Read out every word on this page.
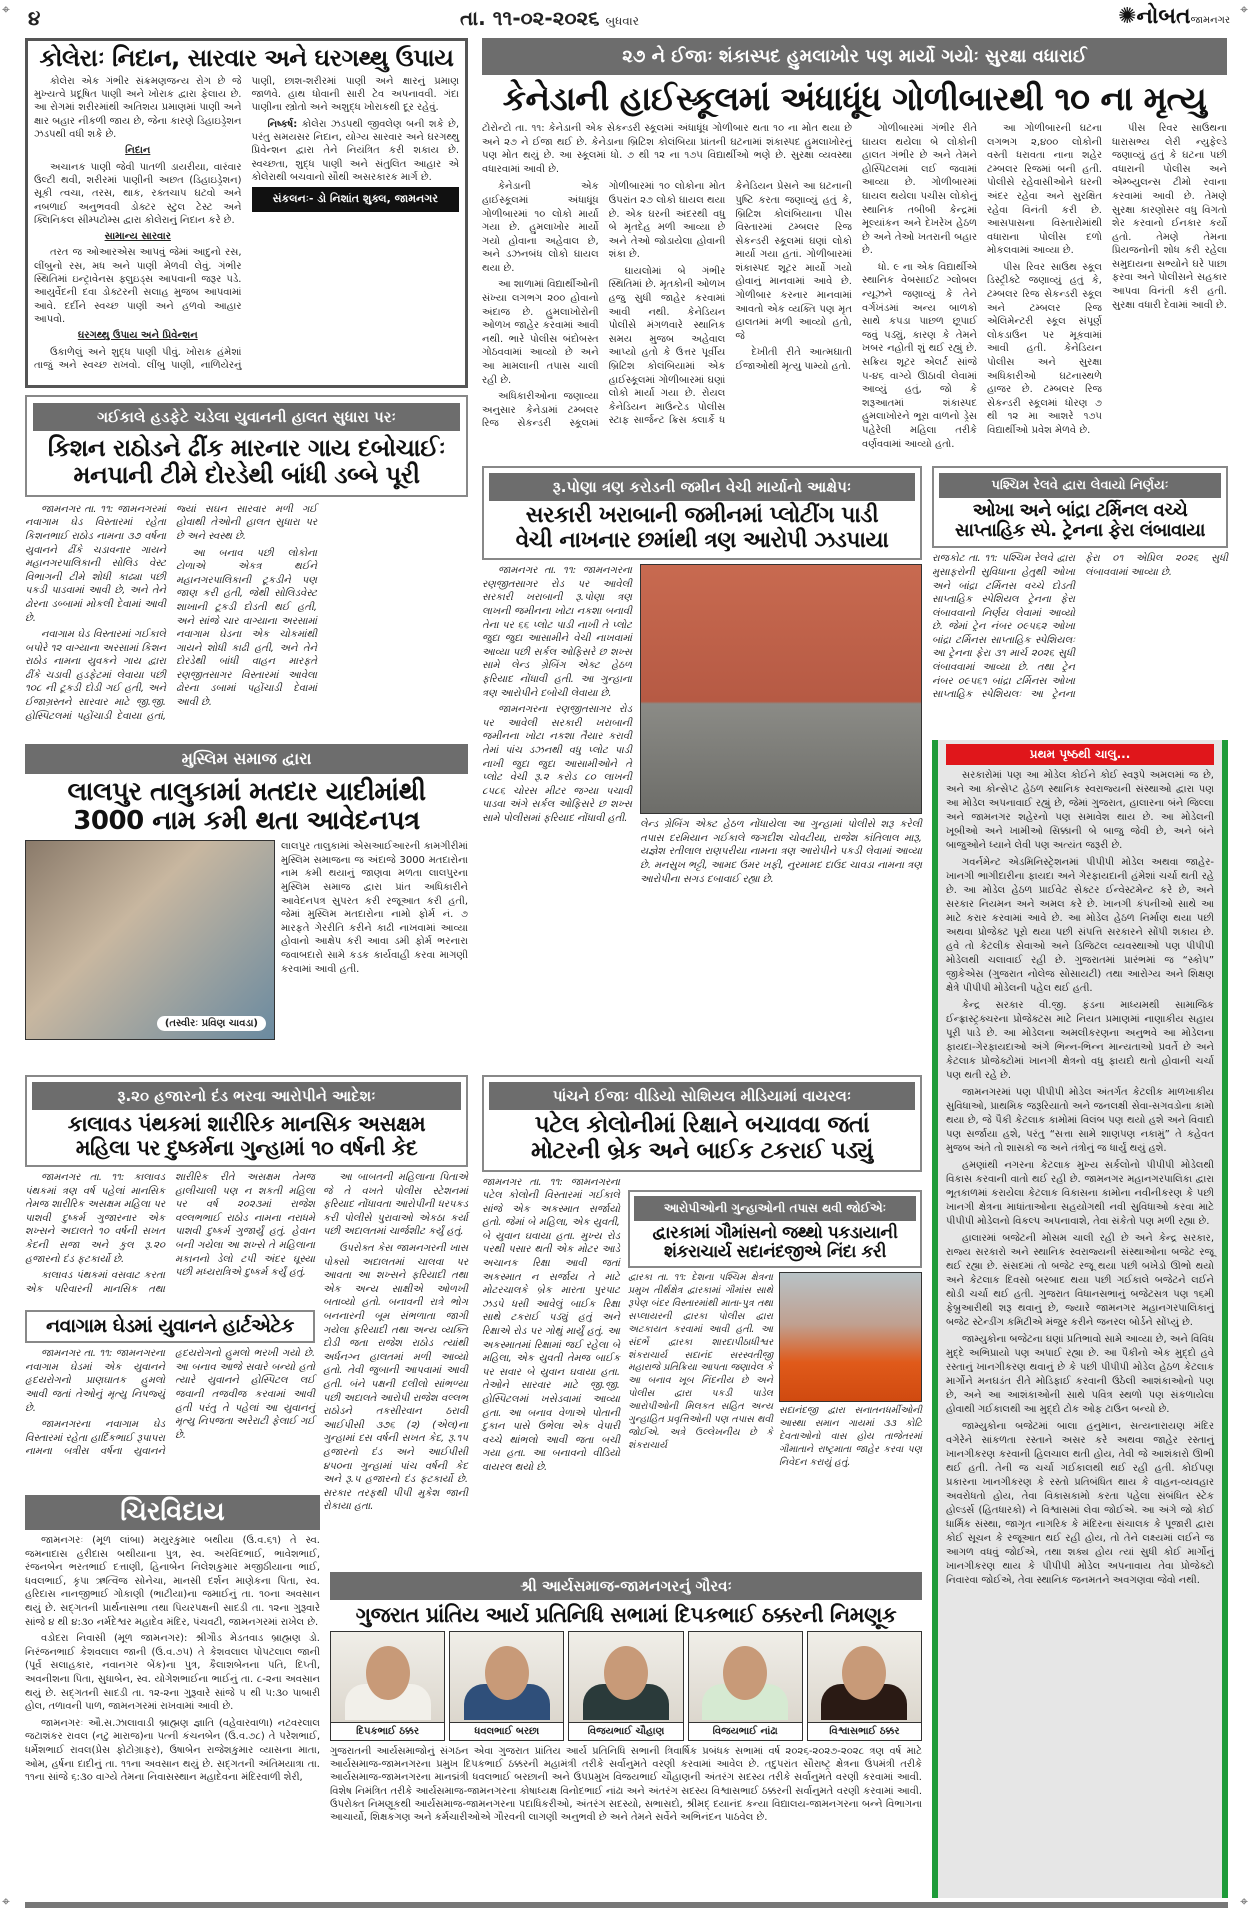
⌖	⌖
૪	તા. ૧૧-૦૨-૨૦૨૬ બુધવાર	✺નોબતજામનગર
કોલેરાઃ નિદાન, સારવાર અને ઘરગથ્થુ ઉપાય

કોલેરા એક ગંભીર સંક્રમણજન્ય રોગ છે જે મુખ્યત્વે પ્રદૂષિત પાણી અને ખોરાક દ્વારા ફેલાય છે. આ રોગમાં શરીરમાંથી અતિશય પ્રમાણમાં પાણી અને ક્ષાર બહાર નીકળી જાય છે, જેના કારણે ડિહાઇડ્રેશન ઝડપથી વધી શકે છે.

નિદાન

અચાનક પાણી જેવી પાતળી ડાયરીયા, વારંવાર ઉલ્ટી થવી, શરીરમાં પાણીની અછત (ડિહાઇડ્રેશન) સૂકી ત્વચા, તરસ, થાક, રક્તચાપ ઘટવો અને નબળાઈ અનુભવવી ડોક્ટર સ્ટુલ ટેસ્ટ અને ક્લિનિકલ સીમ્પટોમ્સ દ્વારા કોલેરાનું નિદાન કરે છે.

સામાન્ય સારવાર

તરત જ ઓઆરએસ આપવું જેમાં આદુનો રસ, લીંબુનો રસ, મધ અને પાણી મેળવી લેવું. ગંભીર સ્થિતિમાં ઇન્ટ્રાવેનસ ફ્લુઇડ્સ આપવાની જરૂર પડે. આયુર્વેદની દવા ડોક્ટરની સલાહ મુજબ આપવામાં આવે. દર્દીને સ્વચ્છ પાણી અને હળવો આહાર આપવો.

ઘરગથ્થુ ઉપાય અને પ્રિવેન્શન

ઉકાળેલું અને શુદ્ધ પાણી પીવું. ખોરાક હંમેશાં તાજું અને સ્વચ્છ રાખવો. લીંબુ પાણી, નાળિયેરનું પાણી, છાશ-શરીરમાં પાણી અને ક્ષારનું પ્રમાણ જાળવે. હાથ ધોવાની સારી ટેવ અપનાવવી. ગંદા પાણીના સ્ત્રોતો અને અશુદ્ધ ખોરાકથી દૂર રહેવું.

નિષ્કર્ષ: કોલેરા ઝડપથી જીવલેણ બની શકે છે, પરંતુ સમયસર નિદાન, યોગ્ય સારવાર અને ઘરગથ્થુ પ્રિવેન્શન દ્વારા તેને નિયંત્રિત કરી શકાય છે. સ્વચ્છતા, શુદ્ધ પાણી અને સંતુલિત આહાર એ કોલેરાથી બચવાનો સૌથી અસરકારક માર્ગ છે.

સંકલનઃ- ડો નિશાંત શુક્લ, જામનગર
૨૭ ને ઈજાઃ શંકાસ્પદ હુમલાખોર પણ માર્યો ગયોઃ સુરક્ષા વધારાઈ
કેનેડાની હાઈસ્કૂલમાં અંધાધૂંધ ગોળીબારથી ૧૦ ના મૃત્યુ
ટોરોન્ટો તા. ૧૧: કેનેડાની એક સેકન્ડરી સ્કૂલમાં અંધાધૂંધ ગોળીબાર થતા ૧૦ ના મોત થયા છે અને ૨૭ ને ઈજા થઈ છે. કેનેડાના બ્રિટિશ કોલંબિયા પ્રાંતની ઘટનામાં શંકાસ્પદ હુમલાખોરનું પણ મોત થયું છે. આ સ્કૂલમાં ધો. ૭ થી ૧૨ ના ૧૭૫ વિદ્યાર્થીઓ ભણે છે. સુરક્ષા વ્યવસ્થા વધારવામાં આવી છે.

કેનેડાની એક હાઈસ્કૂલમાં અંધાધૂંધ ગોળીબારમાં ૧૦ લોકો માર્યા ગયા છે. હુમલાખોર માર્યો ગયો હોવાના અહેવાલ છે, અને ડઝનબંધ લોકો ઘાયલ થયા છે.

આ શાળામાં વિદ્યાર્થીઓની સંખ્યા લગભગ ૨૦૦ હોવાનો અંદાજ છે. હુમલાખોરોની ઓળખ જાહેર કરવામાં આવી નથી. ભારે પોલીસ બંદોબસ્ત ગોઠવવામાં આવ્યો છે અને આ મામલાની તપાસ ચાલી રહી છે.

અધિકારીઓના જણાવ્યા અનુસાર કેનેડામાં ટમ્બલર રિજ સેકન્ડરી સ્કૂલમાં ગોળીબારમાં ૧૦ લોકોના મોત ઉપરાંત ૨૭ લોકો ઘાયલ થયા છે. એક ઘરની અંદરથી વધુ બે મૃતદેહ મળી આવ્યા છે અને તેઓ જોડાયેલા હોવાની શંકા છે.

ઘાયલોમાં બે ગંભીર સ્થિતિમાં છે. મૃતકોની ઓળખ હજુ સુધી જાહેર કરવામાં આવી નથી. કેનેડિયન પોલીસે મંગળવારે સ્થાનિક સમય મુજબ અહેવાલ આપ્યો હતો કે ઉત્તર પૂર્વીય બ્રિટિશ કોલંબિયામાં એક હાઈસ્કૂલમાં ગોળીબારમાં ઘણાં લોકો માર્યા ગયા છે. રોયલ કેનેડિયન માઉન્ટેડ પોલીસ સ્ટાફ સાર્જન્ટ ક્રિસ ક્લાર્કે ધ કેનેડિયન પ્રેસને આ ઘટનાની પુષ્ટિ કરતા જણાવ્યું હતું કે, બ્રિટિશ કોલંબિયાના પીસ વિસ્તારમાં ટમ્બલર રિજ સેકન્ડરી સ્કૂલમાં ઘણાં લોકો માર્યા ગયા હતાં. ગોળીબારમાં શંકાસ્પદ શૂટર માર્યો ગયો હોવાનું માનવામાં આવે છે. ગોળીબાર કરનાર માનવામાં આવતો એક વ્યક્તિ પણ મૃત હાલતમાં મળી આવ્યો હતો, જે

દેખીતી રીતે આત્મઘાતી ઈજાઓથી મૃત્યુ પામ્યો હતો.

ગોળીબારમાં ગંભીર રીતે ઘાયલ થયેલા બે લોકોની હાલત ગંભીર છે અને તેમને હોસ્પિટલમાં લઈ જવામાં આવ્યા છે. ગોળીબારમાં ઘાયલ થયેલા પચીસ લોકોનું સ્થાનિક તબીબી કેન્દ્રમાં મૂલ્યાંકન અને દેખરેખ હેઠળ છે અને તેઓ ખતરાની બહાર છે.

ધો. ૯ ના એક વિદ્યાર્થીએ સ્થાનિક વેબસાઈટ ગ્લોબલ ન્યૂઝને જણાવ્યું કે તેને વર્ગખંડમાં અન્ય બાળકો સાથે કપડા પાછળ છૂપાઈ જવું પડ્યું, કારણ કે તેમને ખબર નહોતી શું થઈ રહ્યું છે. સક્રિય શૂટર એલર્ટ સાંજે ૫-૪૬ વાગ્યે ઊઠાવી લેવામાં આવ્યું હતું, જો કે શરૂઆતમાં શંકાસ્પદ હુમલાખોરને ભૂરા વાળનો ડ્રેસ પહેરેલી મહિલા તરીકે વર્ણવવામાં આવ્યો હતો.

આ ગોળીબારની ઘટના લગભગ ૨,૪૦૦ લોકોની વસ્તી ધરાવતા નાના શહેર ટમ્બલર રિજમાં બની હતી. પોલીસે રહેવાસીઓને ઘરની અંદર રહેવા અને સુરક્ષિત રહેવા વિનંતી કરી છે. આસપાસના વિસ્તારોમાંથી વધારાના પોલીસ દળો મોકલવામાં આવ્યા છે.

પીસ રિવર સાઉથ સ્કૂલ ડિસ્ટ્રીક્ટે જણાવ્યું હતું કે, ટમ્બલર રિજ સેકન્ડરી સ્કૂલ અને ટમ્બલર રિજ એલિમેન્ટરી સ્કૂલ સંપૂર્ણ લોકડાઉન પર મૂકવામાં આવી હતી. કેનેડિયન પોલીસ અને સુરક્ષા અધિકારીઓ ઘટનાસ્થળે હાજર છે. ટમ્બલર રિજ સેકન્ડરી સ્કૂલમાં ધોરણ ૭ થી ૧૨ મા આશરે ૧૭૫ વિદ્યાર્થીઓ પ્રવેશ મેળવે છે.

પીસ રિવર સાઉથના ધારાસભ્ય લેરી ન્યુફેલ્ડે જણાવ્યું હતું કે ઘટના પછી વધારાની પોલીસ અને એમ્બ્યુલન્સ ટીમો રવાના કરવામાં આવી છે. તેમણે સુરક્ષા કારણોસર વધુ વિગતો શેર કરવાનો ઈનકાર કર્યો હતો. તેમણે તેમના પ્રિયજનોની શોધ કરી રહેલા સમુદાયના સભ્યોને ઘરે પાછા ફરવા અને પોલીસને સહકાર આપવા વિનંતી કરી હતી. સુરક્ષા વધારી દેવામાં આવી છે.

ગઈકાલે હડફેટે ચડેલા યુવાનની હાલત સુધારા પરઃ
કિશન રાઠોડને ઢીંક મારનાર ગાય દબોચાઈઃ
મનપાની ટીમે દોરડેથી બાંધી ડબ્બે પૂરી

જામનગર તા. ૧૧: જામનગરમાં નવાગામ ઘેડ વિસ્તારમાં રહેતા કિશનભાઈ રાઠોડ નામના ૩૭ વર્ષના યુવાનને ઢીંકે ચડાવનાર ગાયને મહાનગરપાલિકાની સોલિડ વેસ્ટ વિભાગની ટીમે શોધી કાઢ્યા પછી પકડી પાડવામાં આવી છે, અને તેને ઢોરના ડબ્બામાં મોકલી દેવામાં આવી છે.

નવાગામ ઘેડ વિસ્તારમાં ગઈકાલે બપોરે ૧૨ વાગ્યાના અરસામાં કિશન રાઠોડ નામના યુવકને ગાય દ્વારા ઢીંકે ચડાવી હડફેટમાં લેવાયા પછી ૧૦૮ ની ટૂકડી દોડી ગઈ હતી, અને ઈજાગ્રસ્તને સારવાર માટે જી.જી. હોસ્પિટલમાં પહોંચાડી દેવાયા હતાં, જ્યાં સઘન સારવાર મળી ગઈ હોવાથી તેઓની હાલત સુધારા પર છે અને સ્વસ્થ છે.

આ બનાવ પછી લોકોના ટોળાએ એકત્ર થઈને મહાનગરપાલિકાની ટૂકડીને પણ જાણ કરી હતી, જેથી સોલિડવેસ્ટ શાખાની ટૂકડી દોડતી થઈ હતી, અને સાંજે ચાર વાગ્યાના અરસામાં નવાગામ ઘેડના એક ચોકમાંથી ગાયને શોધી કાઢી હતી, અને તેને દોરડેથી બાંધી વાહન મારફતે રણજીતસાગર વિસ્તારમાં આવેલા ઢોરના ડબામાં પહોંચાડી દેવામાં આવી છે.

મુસ્લિમ સમાજ દ્વારા
લાલપુર તાલુકામાં મતદાર યાદીમાંથી
3000 નામ કમી થતા આવેદનપત્ર
(તસ્વીરઃ પ્રવિણ ચાવડા)
લાલપુર તાલુકામાં એસઆઈઆરની કામગીરીમાં મુસ્લિમ સમાજના જ અંદાજે 3000 મતદારોના નામ કમી થયાનું જાણવા મળતા લાલપુરના મુસ્લિમ સમાજ દ્વારા પ્રાંત અધિકારીને આવેદનપત્ર સુપરત કરી રજૂઆત કરી હતી, જેમાં મુસ્લિમ મતદારોના નામો ફોર્મ નં. ૭ મારફતે ગેરરીતિ કરીને કાઢી નાખવામાં આવ્યા હોવાનો આક્ષેપ કરી આવા ડમી ફોર્મ ભરનારા જવાબદારો સામે કડક કાર્યવાહી કરવા માગણી કરવામાં આવી હતી.
પશ્ચિમ રેલવે દ્વારા લેવાયો નિર્ણયઃ
ઓખા અને બાંદ્રા ટર્મિનલ વચ્ચે
સાપ્તાહિક સ્પે. ટ્રેનના ફેરા લંબાવાયા
રાજકોટ તા. ૧૧: પશ્ચિમ રેલવે દ્વારા મુસાફરોની સુવિધાના હેતુથી ઓખા અને બાંદ્રા ટર્મિનસ વચ્ચે દોડતી સાપ્તાહિક સ્પેશિયલ ટ્રેનના ફેરા લંબાવવાનો નિર્ણય લેવામાં આવ્યો છે. જેમાં ટ્રેન નંબર ૦૯૫૬૨ ઓખા બાંદ્રા ટર્મિનસ સાપ્તાહિક સ્પેશિયલઃ આ ટ્રેનના ફેરા ૩૧ માર્ચ ૨૦૨૬ સુધી લંબાવવામાં આવ્યા છે. તથા ટ્રેન નંબર ૦૯૫૬૧ બાંદ્રા ટર્મિનસ ઓખા સાપ્તાહિક સ્પેશિયલઃ આ ટ્રેનના ફેરા ૦૧ એપ્રિલ ૨૦૨૬ સુધી લંબાવવામાં આવ્યા છે.
રૂ.પોણા ત્રણ કરોડની જમીન વેચી માર્યાનો આક્ષેપઃ
સરકારી ખરાબાની જમીનમાં પ્લોટીંગ પાડી
વેચી નાખનાર છમાંથી ત્રણ આરોપી ઝડપાયા

જામનગર તા. ૧૧: જામનગરના રણજીતસાગર રોડ પર આવેલી સરકારી ખરાબાની રૂ.પોણા ત્રણ લાખની જમીનના ખોટા નકશા બનાવી તેના પર ૬૬ પ્લોટ પાડી નાખી તે પ્લોટ જુદા જુદા આસામીને વેચી નાખવામાં આવ્યા પછી સર્કલ ઓફિસરે છ શખ્સ સામે લેન્ડ ગ્રેબિંગ એક્ટ હેઠળ ફરિયાદ નોંધાવી હતી. આ ગુન્હાના ત્રણ આરોપીને દબોચી લેવાયા છે.

જામનગરના રણજીતસાગર રોડ પર આવેલી સરકારી ખરાબાની જમીનના ખોટા નકશા તૈયાર કરાવી તેમાં પાંચ ડઝનથી વધુ પ્લોટ પાડી નાખી જુદા જુદા આસામીઓને તે પ્લોટ વેચી રૂ.૨ કરોડ ૮૦ લાખની ૮૫૮૬ ચોરસ મીટર જગ્યા પચાવી પાડવા અંગે સર્કલ ઓફિસરે છ શખ્સ સામે પોલીસમાં ફરિયાદ નોંધાવી હતી.

લેન્ડ ગ્રેબિંગ એક્ટ હેઠળ નોંધાયેલા આ ગુન્હામાં પોલીસે શરૂ કરેલી તપાસ દરમિયાન ગઈકાલે જગદીશ ચોવટીયા, રાજેશ કાંતિલાલ મારૂ, યજ્ઞેશ રતીલાલ રાણપરીયા નામના ત્રણ આરોપીને પકડી લેવામાં આવ્યા છે. મનસુખ ભટ્ટી, આમદ ઉમર ખફી, નુરમામદ દાઉદ ચાવડા નામના ત્રણ આરોપીના સગડ દબાવાઈ રહ્યા છે.
પ્રથમ પૃષ્ઠથી ચાલુ...

સરકારોમાં પણ આ મોડેલ કોઈને કોઈ સ્વરૂપે અમલમાં જ છે, અને આ કોન્સેપ્ટ હેઠળ સ્થાનિક સ્વરાજ્યની સંસ્થાઓ દ્વારા પણ આ મોડેલ અપનાવાઈ રહ્યું છે, જેમાં ગુજરાત, હાલારના બંને જિલ્લા અને જામનગર શહેરનો પણ સમાવેશ થાય છે. આ મોડેલની ખૂબીઓ અને ખામીઓ સિક્કાની બે બાજુ જેવી છે, અને બંને બાજુઓને ધ્યાને લેવી પણ અત્યંત જરૂરી છે.

ગવર્નમેન્ટ એડમિનિસ્ટ્રેશનમાં પીપીપી મોડેલ અથવા જાહેર-ખાનગી ભાગીદારીના ફાયદા અને ગેરફાયદાની હંમેશાં ચર્ચા થતી રહે છે. આ મોડેલ હેઠળ પ્રાઈવેટ સેક્ટર ઈન્વેસ્ટમેન્ટ કરે છે, અને સરકાર નિયમન અને અમલ કરે છે. ખાનગી કંપનીઓ સાથે આ માટે કરાર કરવામાં આવે છે. આ મોડેલ હેઠળ નિર્માણ થયા પછી અથવા પ્રોજેક્ટ પૂરો થયા પછી સંપત્તિ સરકારને સોંપી શકાય છે. હવે તો કેટલીક સેવાઓ અને ડિજિટલ વ્યવસ્થાઓ પણ પીપીપી મોડેલથી ચલાવાઈ રહી છે. ગુજરાતમાં પ્રારંભમાં જ “સ્કોપ” જીકેએસ (ગુજરાત નોલેજ સોસાયટી) તથા આરોગ્ય અને શિક્ષણ ક્ષેત્રે પીપીપી મોડેલની પહેલ થઈ હતી.

કેન્દ્ર સરકાર વી.જી. ફંડના માધ્યમથી સામાજિક ઈન્ફ્રાસ્ટ્રક્ચરના પ્રોજેક્ટસ માટે નિયત પ્રમાણમાં નાણાકીય સહાય પૂરી પાડે છે. આ મોડેલના અમલીકરણના અનુભવે આ મોડેલના ફાયદા-ગેરફાયદાઓ અંગે ભિન્ન-ભિન્ન માન્યતાઓ પ્રવર્તે છે અને કેટલાક પ્રોજેક્ટોમાં ખાનગી ક્ષેત્રનો વધુ ફાયદો થતો હોવાની ચર્ચા પણ થતી રહે છે.

જામનગરમાં પણ પીપીપી મોડેલ અંતર્ગત કેટલીક માળખાકીય સુવિધાઓ, પ્રાથમિક જરૂરિયાતો અને જનલક્ષી સેવા-સગવડોના કામો થયા છે, જે પૈકી કેટલાક કામોમાં વિલંબ પણ થયો હશે અને વિવાદો પણ સર્જાયા હશે, પરંતુ “સત્તા સામે શાણપણ નકામું” તે કહેવત મુજબ અંતે તો શાસકો જ અને તંત્રોનું જ ધાર્યું થયું હશે.

હમણાંથી નગરના કેટલાક મુખ્ય સર્કલોનો પીપીપી મોડેલથી વિકાસ કરવાની વાતો થઈ રહી છે. જામનગર મહાનગરપાલિકા દ્વારા ભૂતકાળમાં કરાયેલા કેટલાક વિકાસના કામોના નવીનીકરણ કે પછી ખાનગી ક્ષેત્રના માધાંતાઓના સહયોગથી નવી સુવિધાઓ કરવા માટે પીપીપી મોડેલનો વિકલ્પ અપનાવાશે, તેવા સંકેતો પણ મળી રહ્યા છે.

હાલારમાં બજેટની મોસમ ચાલી રહી છે અને કેન્દ્ર સરકાર, રાજ્ય સરકારો અને સ્થાનિક સ્વરાજ્યની સંસ્થાઓના બજેટ રજૂ થઈ રહ્યા છે. સંસદમાં તો બજેટ રજૂ થયા પછી બખેડો ઊભો થયો અને કેટલાક દિવસો બરબાદ થયા પછી ગઈકાલે બજેટને લઈને થોડી ચર્ચા થઈ હતી. ગુજરાત વિધાનસભાનું બજેટસત્ર પણ ૧૬મી ફેબ્રુઆરીથી શરૂ થવાનું છે, જ્યારે જામનગર મહાનગરપાલિકાનું બજેટ સ્ટેન્ડીંગ કમિટીએ મંજુર કરીને જનરલ બોર્ડને સોંપ્યું છે.

જામ્યુકોના બજેટના ઘણાં પ્રતિભાવો સામે આવ્યા છે, અને વિવિધ મુદ્દે અભિપ્રાયો પણ અપાઈ રહ્યા છે. આ પૈકીનો એક મુદ્દો હવે રસ્તાનું ખાનગીકરણ થવાનું છે કે પછી પીપીપી મોડેલ હેઠળ કેટલાક માર્ગોને મનઘડંત રીતે મોડિફાઈ કરવાની ઉઠેલી આશંકાઓનો પણ છે, અને આ આશંકાઓની સાથે પવિત્ર સ્થળો પણ સંકળાયેલા હોવાથી ગઈકાલથી આ મુદ્દો ટોક ઓફ ટાઉન બન્યો છે.

જામ્યુકોના બજેટમાં બાલા હનુમાન, સત્યનારાયણ મંદિર વગેરેને સાંકળતા રસ્તાને અસર કરે અથવા જાહેર રસ્તાનું ખાનગીકરણ કરવાની હિલચાલ થતી હોય, તેવી જે આશંકારો ઊભી થઈ હતી. તેની જ ચર્ચા ગઈકાલથી થઈ રહી હતી. કોઈપણ પ્રકારના ખાનગીકરણ કે રસ્તો પ્રતિબંધિત થાય કે વાહન-વ્યવહાર અવરોધતો હોય, તેવા વિકાસકામો કરતા પહેલા સંબંધિત સ્ટેક હોલ્ડર્સ (હિતધારકો) ને વિશ્વાસમાં લેવા જોઈએ. આ અંગે જો કોઈ ધાર્મિક સંસ્થા, જાગૃત નાગરિક કે મંદિરના સંચાલક કે પૂજારી દ્વારા કોઈ સૂચન કે રજૂઆત થઈ રહી હોય, તો તેને લક્ષ્યમાં લઈને જ આગળ વધવું જોઈએ, તથા શક્ય હોય ત્યાં સુધી કોઈ માર્ગોનું ખાનગીકરણ થાય કે પીપીપી મોડેલ અપનાવાય તેવા પ્રોજેક્ટો નિવારવા જોઈએ, તેવા સ્થાનિક જનમતને અવગણવા જેવો નથી.

રૂ.૨૦ હજારનો દંડ ભરવા આરોપીને આદેશઃ
કાલાવડ પંથકમાં શારીરિક માનસિક અસક્ષમ
મહિલા પર દુષ્કર્મના ગુન્હામાં ૧૦ વર્ષની કેદ

જામનગર તા. ૧૧: કાલાવડ પંથકમાં ત્રણ વર્ષ પહેલાં માનસિક તેમજ શારીરિક અસક્ષમ મહિલા પર પાશવી દુષ્કર્મ ગુજારનાર એક શખ્સને અદાલતે ૧૦ વર્ષની સખત કેદની સજા અને કુલ રૂ.૨૦ હજારનો દંડ ફટકાર્યો છે.

કાલાવડ પંથકમાં વસવાટ કરતા એક પરિવારની માનસિક તથા શારીરિક રીતે અસક્ષમ તેમજ હાલીચાલી પણ ન શકતી મહિલા પર વર્ષ ૨૦૨૩માં રાજેશ વલ્લભભાઈ રાઠોડ નામના નરાધમે પાશવી દુષ્કર્મ ગુજાર્યું હતું. હેવાન બની ગયેલા આ શખ્સે તે મહિલાના મકાનનો ડેલો ટપી અંદર ઘૂસ્યા પછી મધ્યરાત્રિએ દુષ્કર્મ કર્યું હતું.

નવાગામ ઘેડમાં યુવાનને હાર્ટએટેક

જામનગર તા. ૧૧: જામનગરના નવાગામ ઘેડમાં એક યુવાનને હૃદયરોગનો પ્રાણઘાતક હુમલો આવી જતાં તેઓનું મૃત્યુ નિપજ્યું છે.

જામનગરના નવાગામ ઘેડ વિસ્તારમાં રહેતા હાર્દિકભાઈ રૂપાપરા નામના બત્રીસ વર્ષના યુવાનને હૃદયરોગનો હુમલો ભરખી ગયો છે. આ બનાવ આજે સવારે બન્યો હતો ત્યારે યુવાનને હોસ્પિટલ લઈ જવાની તજવીજ કરવામાં આવી હતી પરંતુ તે પહેલાં આ યુવાનનું મૃત્યુ નિપજતા અરેરાટી ફેલાઈ ગઈ છે.

આ બાબતની મહિલાના પિતાએ જે તે વખતે પોલીસ સ્ટેશનમાં ફરિયાદ નોંધાવતા આરોપીની ધરપકડ કરી પોલીસે પુરાવાઓ એકઠા કર્યા પછી અદાલતમાં ચાર્જશીટ કર્યું હતું.

ઉપરોક્ત કેસ જામનગરની ખાસ પોક્સો અદાલતમાં ચાલવા પર આવતા આ શખ્સને ફરિયાદી તથા એક અન્ય સાક્ષીએ ઓળખી બતાવ્યો હતો. બનાવની રાત્રે ભોગ બનનારની બૂમ સંભળાતા જાગી ગયેલા ફરિયાદી તથા અન્ય વ્યક્તિ દોડી જતા રાજેશ રાઠોડ ત્યાંથી અર્ધનગ્ન હાલતમાં મળી આવ્યો હતો. તેવી જુબાની આપવામાં આવી હતી. બંને પક્ષની દલીલો સાંભળ્યા પછી અદાલતે આરોપી રાજેશ વલ્લભ રાઠોડને તકસીરવાન ઠરાવી આઈપીસી ૩૭૬ (૨) (એલ)ના ગુન્હામાં દસ વર્ષની સખત કેદ, રૂ.૧૫ હજારનો દંડ અને આઈપીસી ૪૫૦ના ગુન્હામાં પાંચ વર્ષની કેદ અને રૂ.૫ હજારનો દંડ ફટકાર્યો છે. સરકાર તરફથી પીપી મુકેશ જાની રોકાયા હતા.

પાંચને ઈજાઃ વીડિયો સોશિયલ મીડિયામાં વાયરલઃ
પટેલ કોલોનીમાં રિક્ષાને બચાવવા જતાં
મોટરની બ્રેક અને બાઈક ટકરાઈ પડ્યું
જામનગર તા. ૧૧: જામનગરના પટેલ કોલોની વિસ્તારમાં ગઈકાલે સાંજે એક અકસ્માત સર્જાયો હતો. જેમાં બે મહિલા, એક યુવતી, બે યુવાન ઘવાયા હતા. મુખ્ય રોડ પરથી પસાર થતી એક મોટર આડે અચાનક રિક્ષા આવી જતાં અકસ્માત ન સર્જાય તે માટે મોટરચાલકે બ્રેક મારતા પુરપાટ ઝડપે ધસી આવેલું બાઈક રિક્ષા સાથે ટકરાઈ પડ્યું હતું અને રિક્ષાએ રોડ પર ગોથું માર્યું હતું. આ અકસ્માતમાં રિક્ષામાં જઈ રહેલા બે મહિલા, એક યુવતી તેમજ બાઈક પર સવાર બે યુવાન ઘવાયા હતા. તેઓને સારવાર માટે જી.જી. હોસ્પિટલમાં ખસેડવામાં આવ્યા હતા. આ બનાવ વેળાએ પોતાની દુકાન પાસે ઉભેલા એક વેપારી વચ્ચે થાંભલો આવી જતા બચી ગયા હતા. આ બનાવનો વીડિયો વાયરલ થયો છે.
આરોપીઓની ગુન્હાઓની તપાસ થવી જોઈએઃ
દ્વારકામાં ગૌમાંસનો જથ્થો પકડાયાની
શંકરાચાર્ય સદાનંદજીએ નિંદા કરી
દ્વારકા તા. ૧૧: દેશના પશ્ચિમ ક્ષેત્રના પ્રમુખ તીર્થક્ષેત્ર દ્વારકામાં ગૌમાંસ સાથે રૂપેણ બંદર વિસ્તારમાંથી માતા-પુત્ર તથા સપ્લાયરની દ્વારકા પોલીસ દ્વારા અટકાયત કરવામાં આવી હતી. આ સંદર્ભે દ્વારકા શારદાપીઠાધીશ્વર શંકરાચાર્ય સદાનંદ સરસ્વતીજી મહારાજે પ્રતિક્રિયા આપતા જણાવેલ કે આ બનાવ ખૂબ નિંદનીય છે અને પોલીસ દ્વારા પકડી પાડેલ આરોપીઓની મિલકત સહિત અન્ય ગુન્હાહિત પ્રવૃત્તિઓની પણ તપાસ થવી જોઈએ. અત્રે ઉલ્લેખનીય છે કે શંકરાચાર્ય
સદાનંદજી દ્વારા સનાતનધર્મીઓની આસ્થા સમાન ગાયમાં ૩૩ કોટિ દેવતાઓનો વાસ હોય તાજેતરમાં ગૌમાતાને રાષ્ટ્રમાતા જાહેર કરવા પણ નિવેદન કરાયું હતું.
ચિરવિદાય

જામનગરઃ (મૂળ લાંબા) મયુરકુમાર બથીયા (ઉ.વ.૬૧) તે સ્વ. જમનાદાસ હરીદાસ બથીયાના પુત્ર, સ્વ. અરવિંદભાઈ, ભાવેશભાઈ, રંજનબેન ભરતભાઈ દત્તાણી, હિનાબેન નિલેશકુમાર મજીઠીયાના ભાઈ, ધવલભાઈ, કૃપા ઋત્વિજ સોનેચા, માનસી દર્શન માણેકના પિતા, સ્વ. હરિદાસ નાનજીભાઈ ગોકાણી (ભાટીયા)ના જમાઈનું તા. ૧૦ના અવસાન થયું છે. સદ્ગતની પ્રાર્થનાસભા તથા પિયરપક્ષની સાદડી તા. ૧૨ના ગુરૂવારે સાંજે ૪ થી ૪:૩૦ નર્મદેશ્વર મહાદેવ મંદિર, પંચવટી, જામનગરમાં રાખેલ છે.

વડોદરા નિવાસી (મૂળ જામનગર): શ્રીગૌડ મેડતવાડ બ્રાહ્મણ ડો. નિરંજનભાઈ કેશવલાલ જાની (ઉ.વ.૭૫) તે કેશવલાલ પોપટલાલ જાની (પૂર્વ સલાહકાર, નવાનગર બેંક)ના પુત્ર, કૈલાશબેનના પતિ, દિપ્તી, અવનીશના પિતા, સુધાબેન, સ્વ. યોગેશભાઈના ભાઈનું તા. ૮-૨ના અવસાન થયું છે. સદ્ગતની સાદડી તા. ૧૨-૨ના ગુરૂવારે સાંજે ૫ થી ૫:૩૦ પાબારી હોલ, તળાવની પાળ, જામનગરમાં રાખવામાં આવી છે.

જામનગરઃ ઔ.સ.ઝાલાવાડી બ્રાહ્મણ જ્ઞાતિ (વહેવારવાળા) નટવરલાલ જટાશંકર રાવલ (નટુ મારાજ)ના પત્ની કંચનબેન (ઉ.વ.૭૮) તે પરેશભાઈ, ધર્મેશભાઈ રાવલ(પ્રેસ ફોટોગ્રાફર), ઉષાબેન રાજેશકુમાર વ્યાસના માતા, ઓમ, હર્ષના દાદીનું તા. ૧૧ના અવસાન થયું છે. સદ્ગતની અંતિમયાત્રા તા. ૧૧ના સાંજે ૬:૩૦ વાગ્યે તેમના નિવાસસ્થાન મહાદેવના મંદિરવાળી શેરી,

શ્રી આર્યસમાજ-જામનગરનું ગૌરવઃ
ગુજરાત પ્રાંતિય આર્ય પ્રતિનિધિ સભામાં દિપકભાઈ ઠક્કરની નિમણૂક
દિપકભાઈ ઠક્કર	ધવલભાઈ બરછા	વિજયભાઈ ચૌહાણ	વિજયભાઈ નાંઢા	વિશ્વાસભાઈ ઠક્કર
ગુજરાતની આર્યસમાજોનું સંગઠન એવા ગુજરાત પ્રાંતિય આર્ય પ્રતિનિધિ સભાની ત્રિવાર્ષિક પ્રબંધક સભામાં વર્ષ ૨૦૨૬-૨૦૨૭-૨૦૨૮ ત્રણ વર્ષ માટે આર્યસમાજ-જામનગરના પ્રમુખ દિપકભાઈ ઠક્કરની મહામંત્રી તરીકે સર્વાનુમતે વરણી કરવામાં આવેલ છે. તદુપરાંત સૌરાષ્ટ્ર ક્ષેત્રના ઉપમંત્રી તરીકે આર્યસમાજ-જામનગરના માનદ્મંત્રી ધવલભાઈ બરછાની અને ઉપપ્રમુખ વિજયભાઈ ચૌહાણની અંતરંગ સદસ્ય તરીકે સર્વાનુમતે વરણી કરવામાં આવી. વિશેષ નિમંત્રિત તરીકે આર્યસમાજ-જામનગરના કોષાધ્યક્ષ વિનોદભાઈ નાંઢા અને અંતરંગ સદસ્ય વિશ્વાસભાઈ ઠક્કરની સર્વાનુમતે વરણી કરવામાં આવી. ઉપરોક્ત નિમણૂકથી આર્યસમાજ-જામનગરના પદાધિકરીઓ, અંતરંગ સદસ્યો, સભાસદો, શ્રીમદ્ દયાનંદ કન્યા વિદ્યાલય-જામનગરના બન્ને વિભાગના આચાર્યો, શિક્ષકગણ અને કર્મચારીઓએ ગૌરવની લાગણી અનુભવી છે અને તેમને સર્વેને અભિનંદન પાઠવેલ છે.
⌖	⌖
